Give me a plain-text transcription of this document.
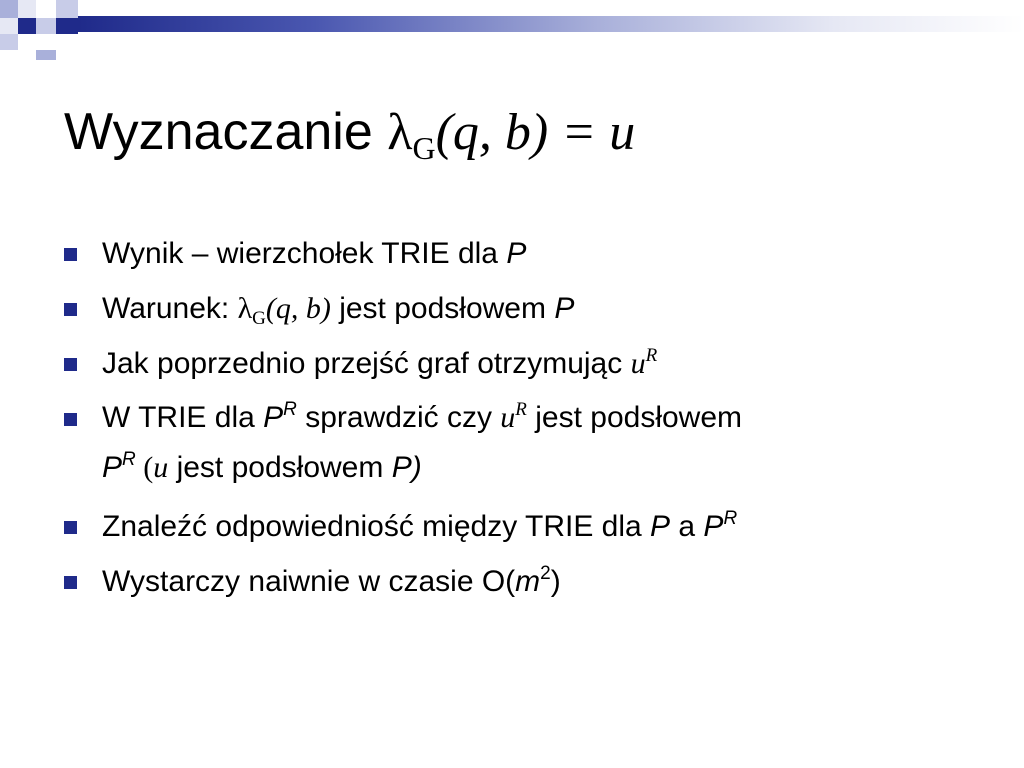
Wyznaczanie $\lambda_G(q$, b) = u
Wynik – wierzchołek TRIE dla P
Warunek: $\lambda_G(q$, b) jest podsłowem P
Jak poprzednio przejść graf otrzymując $u^R$
W TRIE dla $P^R$ sprawdzić czy $u^R$ jest podsłowem
$P^R$ (u jest podsłowem P)
Znaleźć odpowiedniość między TRIE dla P a $P^R$
Wystarczy naiwnie w czasie $O(m^2)$
